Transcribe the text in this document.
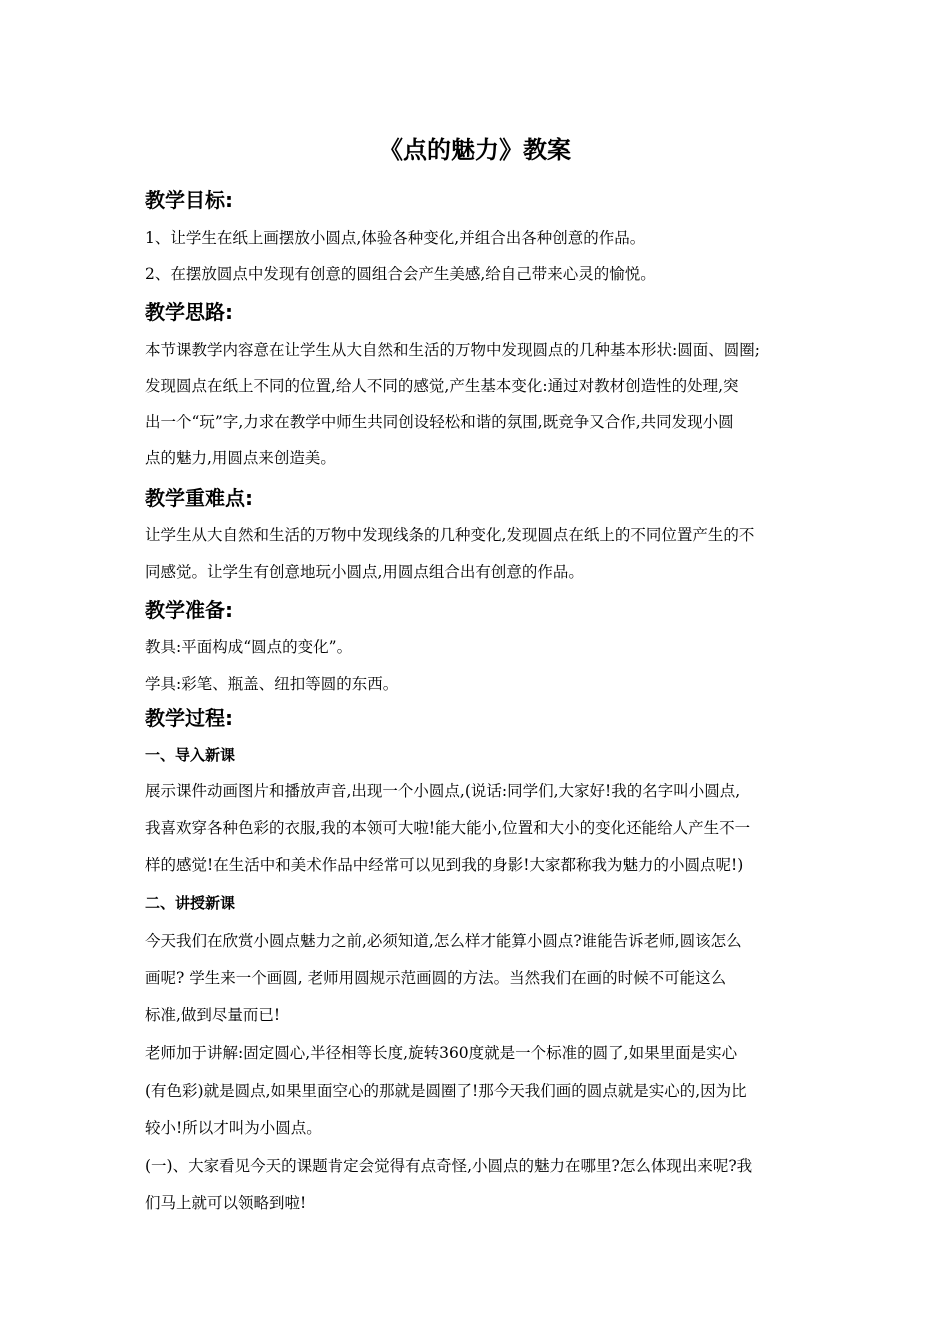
《点的魅力》教案
教学目标:

1、让学生在纸上画摆放小圆点,体验各种变化,并组合出各种创意的作品。

2、在摆放圆点中发现有创意的圆组合会产生美感,给自己带来心灵的愉悦。

教学思路:

本节课教学内容意在让学生从大自然和生活的万物中发现圆点的几种基本形状:圆面、圆圈;

发现圆点在纸上不同的位置,给人不同的感觉,产生基本变化:通过对教材创造性的处理,突

出一个“玩”字,力求在教学中师生共同创设轻松和谐的氛围,既竞争又合作,共同发现小圆

点的魅力,用圆点来创造美。

教学重难点:

让学生从大自然和生活的万物中发现线条的几种变化,发现圆点在纸上的不同位置产生的不

同感觉。让学生有创意地玩小圆点,用圆点组合出有创意的作品。

教学准备:

教具:平面构成“圆点的变化”。

学具:彩笔、瓶盖、纽扣等圆的东西。

教学过程:
一、导入新课

展示课件动画图片和播放声音,出现一个小圆点,(说话:同学们,大家好!我的名字叫小圆点,

我喜欢穿各种色彩的衣服,我的本领可大啦!能大能小,位置和大小的变化还能给人产生不一

样的感觉!在生活中和美术作品中经常可以见到我的身影!大家都称我为魅力的小圆点呢!)

二、讲授新课

今天我们在欣赏小圆点魅力之前,必须知道,怎么样才能算小圆点?谁能告诉老师,圆该怎么

画呢? 学生来一个画圆, 老师用圆规示范画圆的方法。当然我们在画的时候不可能这么

标准,做到尽量而已!

老师加于讲解:固定圆心,半径相等长度,旋转360度就是一个标准的圆了,如果里面是实心

(有色彩)就是圆点,如果里面空心的那就是圆圈了!那今天我们画的圆点就是实心的,因为比

较小!所以才叫为小圆点。

(一)、大家看见今天的课题肯定会觉得有点奇怪,小圆点的魅力在哪里?怎么体现出来呢?我

们马上就可以领略到啦!
